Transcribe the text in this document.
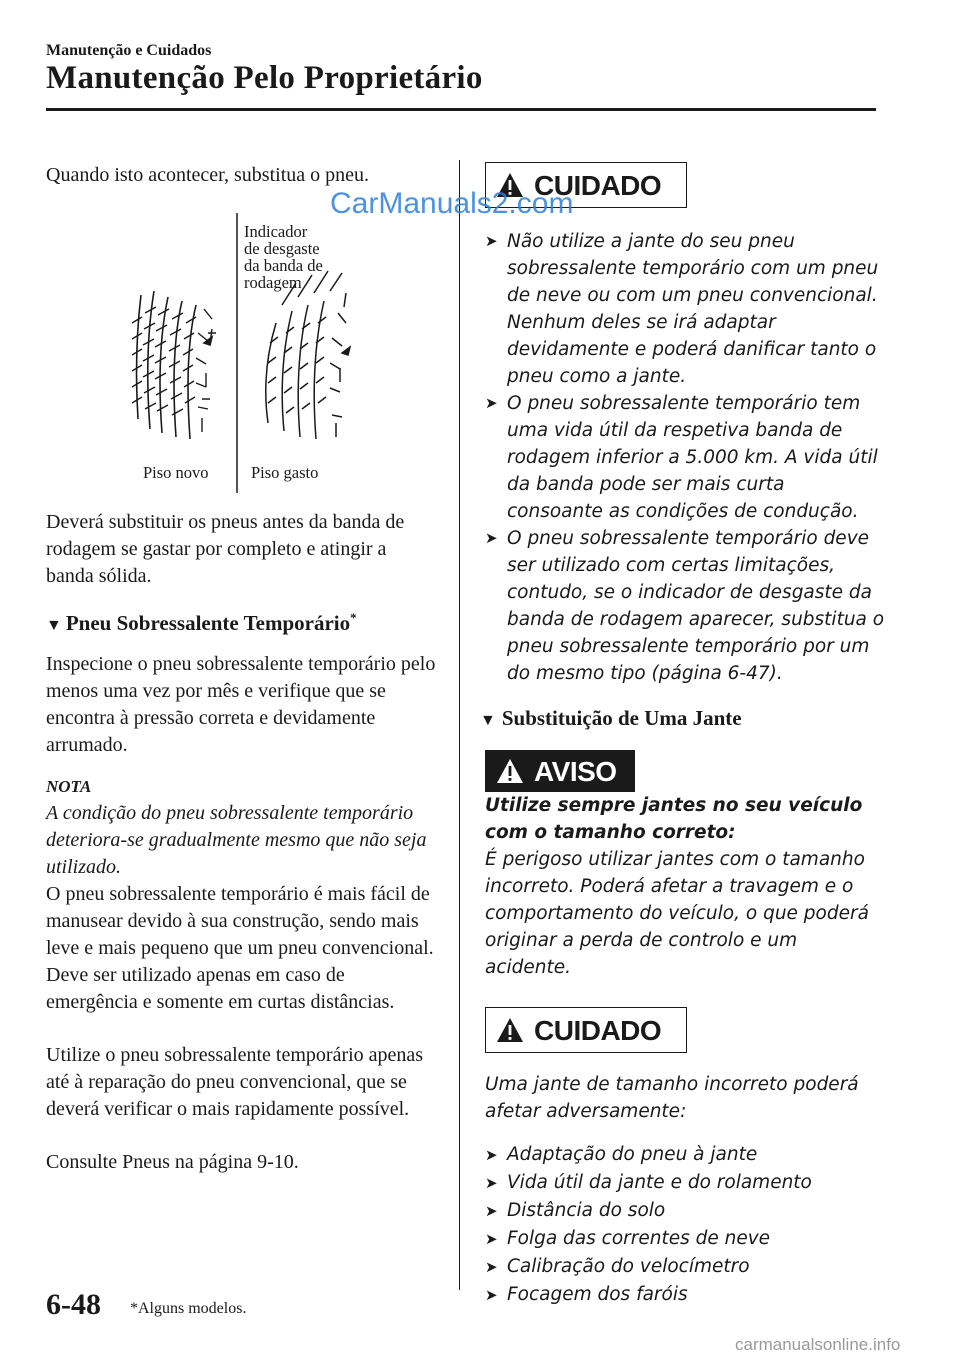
Manutenção e Cuidados
Manutenção Pelo Proprietário

Quando isto acontecer, substitua o pneu.

Indicador
de desgaste
da banda de
rodagem
Piso novo	Piso gasto

Deverá substituir os pneus antes da banda de rodagem se gastar por completo e atingir a banda sólida.

▼ Pneu Sobressalente Temporário*

Inspecione o pneu sobressalente temporário pelo menos uma vez por mês e verifique que se encontra à pressão correta e devidamente arrumado.

NOTA

A condição do pneu sobressalente temporário deteriora-se gradualmente mesmo que não seja utilizado.

O pneu sobressalente temporário é mais fácil de manusear devido à sua construção, sendo mais leve e mais pequeno que um pneu convencional. Deve ser utilizado apenas em caso de emergência e somente em curtas distâncias.

Utilize o pneu sobressalente temporário apenas até à reparação do pneu convencional, que se deverá verificar o mais rapidamente possível.

Consulte Pneus na página 9-10.

CUIDADO
➤ Não utilize a jante do seu pneu sobressalente temporário com um pneu de neve ou com um pneu convencional. Nenhum deles se irá adaptar devidamente e poderá danificar tanto o pneu como a jante.
➤ O pneu sobressalente temporário tem uma vida útil da respetiva banda de rodagem inferior a 5.000 km. A vida útil da banda pode ser mais curta consoante as condições de condução.
➤ O pneu sobressalente temporário deve ser utilizado com certas limitações, contudo, se o indicador de desgaste da banda de rodagem aparecer, substitua o pneu sobressalente temporário por um do mesmo tipo (página 6-47).
▼ Substituição de Uma Jante
AVISO

Utilize sempre jantes no seu veículo com o tamanho correto:

É perigoso utilizar jantes com o tamanho incorreto. Poderá afetar a travagem e o comportamento do veículo, o que poderá originar a perda de controlo e um acidente.

CUIDADO

Uma jante de tamanho incorreto poderá afetar adversamente:

➤ Adaptação do pneu à jante
➤ Vida útil da jante e do rolamento
➤ Distância do solo
➤ Folga das correntes de neve
➤ Calibração do velocímetro
➤ Focagem dos faróis
6-48 *Alguns modelos.
CarManuals2.com
carmanualsonline.info
